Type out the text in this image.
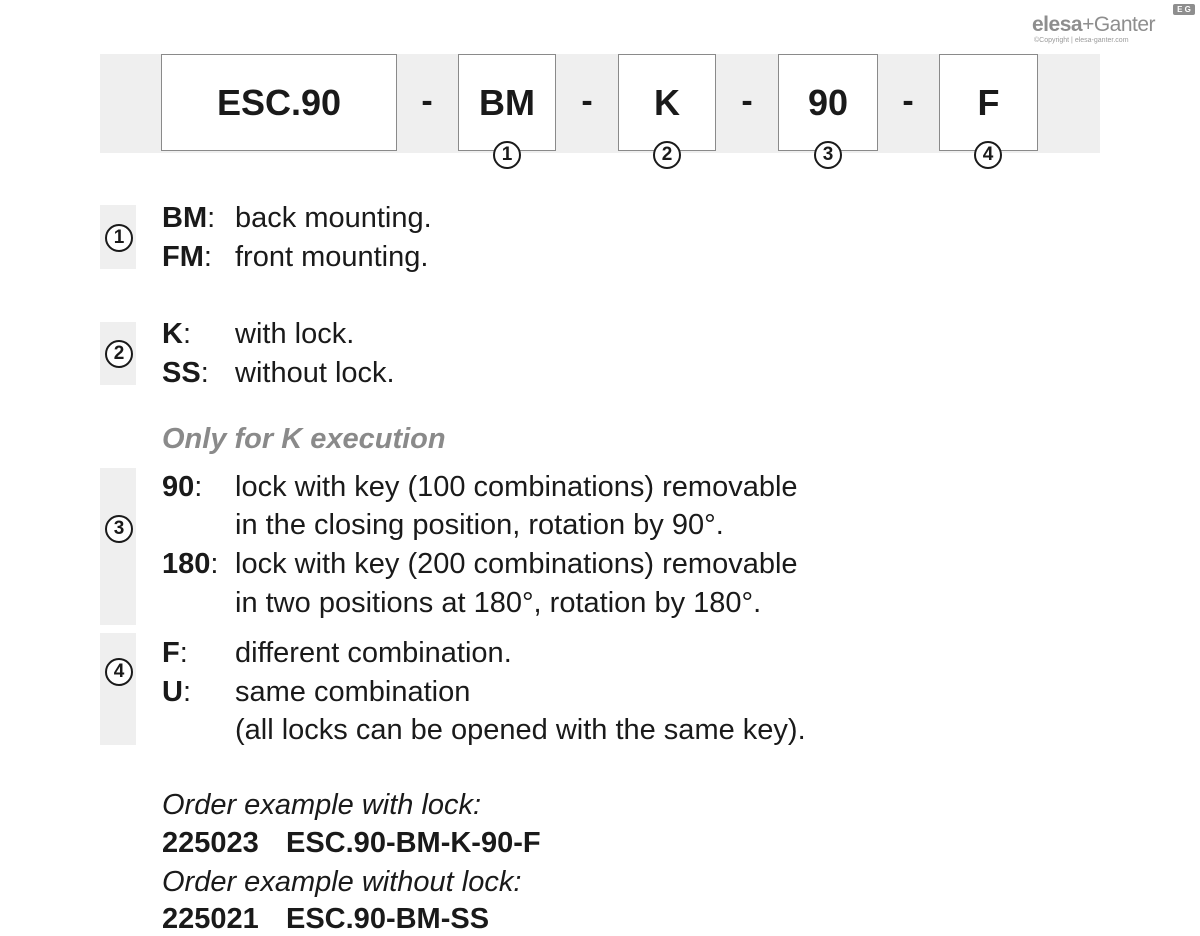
elesa+Ganter
E G
©Copyright | elesa-ganter.com
ESC.90	-	BM	-	K	-	90	-	F
1	2	3	4
1
BM: back mounting.
FM: front mounting.
2
K: with lock.
SS: without lock.
Only for K execution
3
90: lock with key (100 combinations) removable
in the closing position, rotation by 90°.
180: lock with key (200 combinations) removable
in two positions at 180°, rotation by 180°.
4
F: different combination.
U: same combination
(all locks can be opened with the same key).
Order example with lock:
225023 ESC.90-BM-K-90-F
Order example without lock:
225021 ESC.90-BM-SS
